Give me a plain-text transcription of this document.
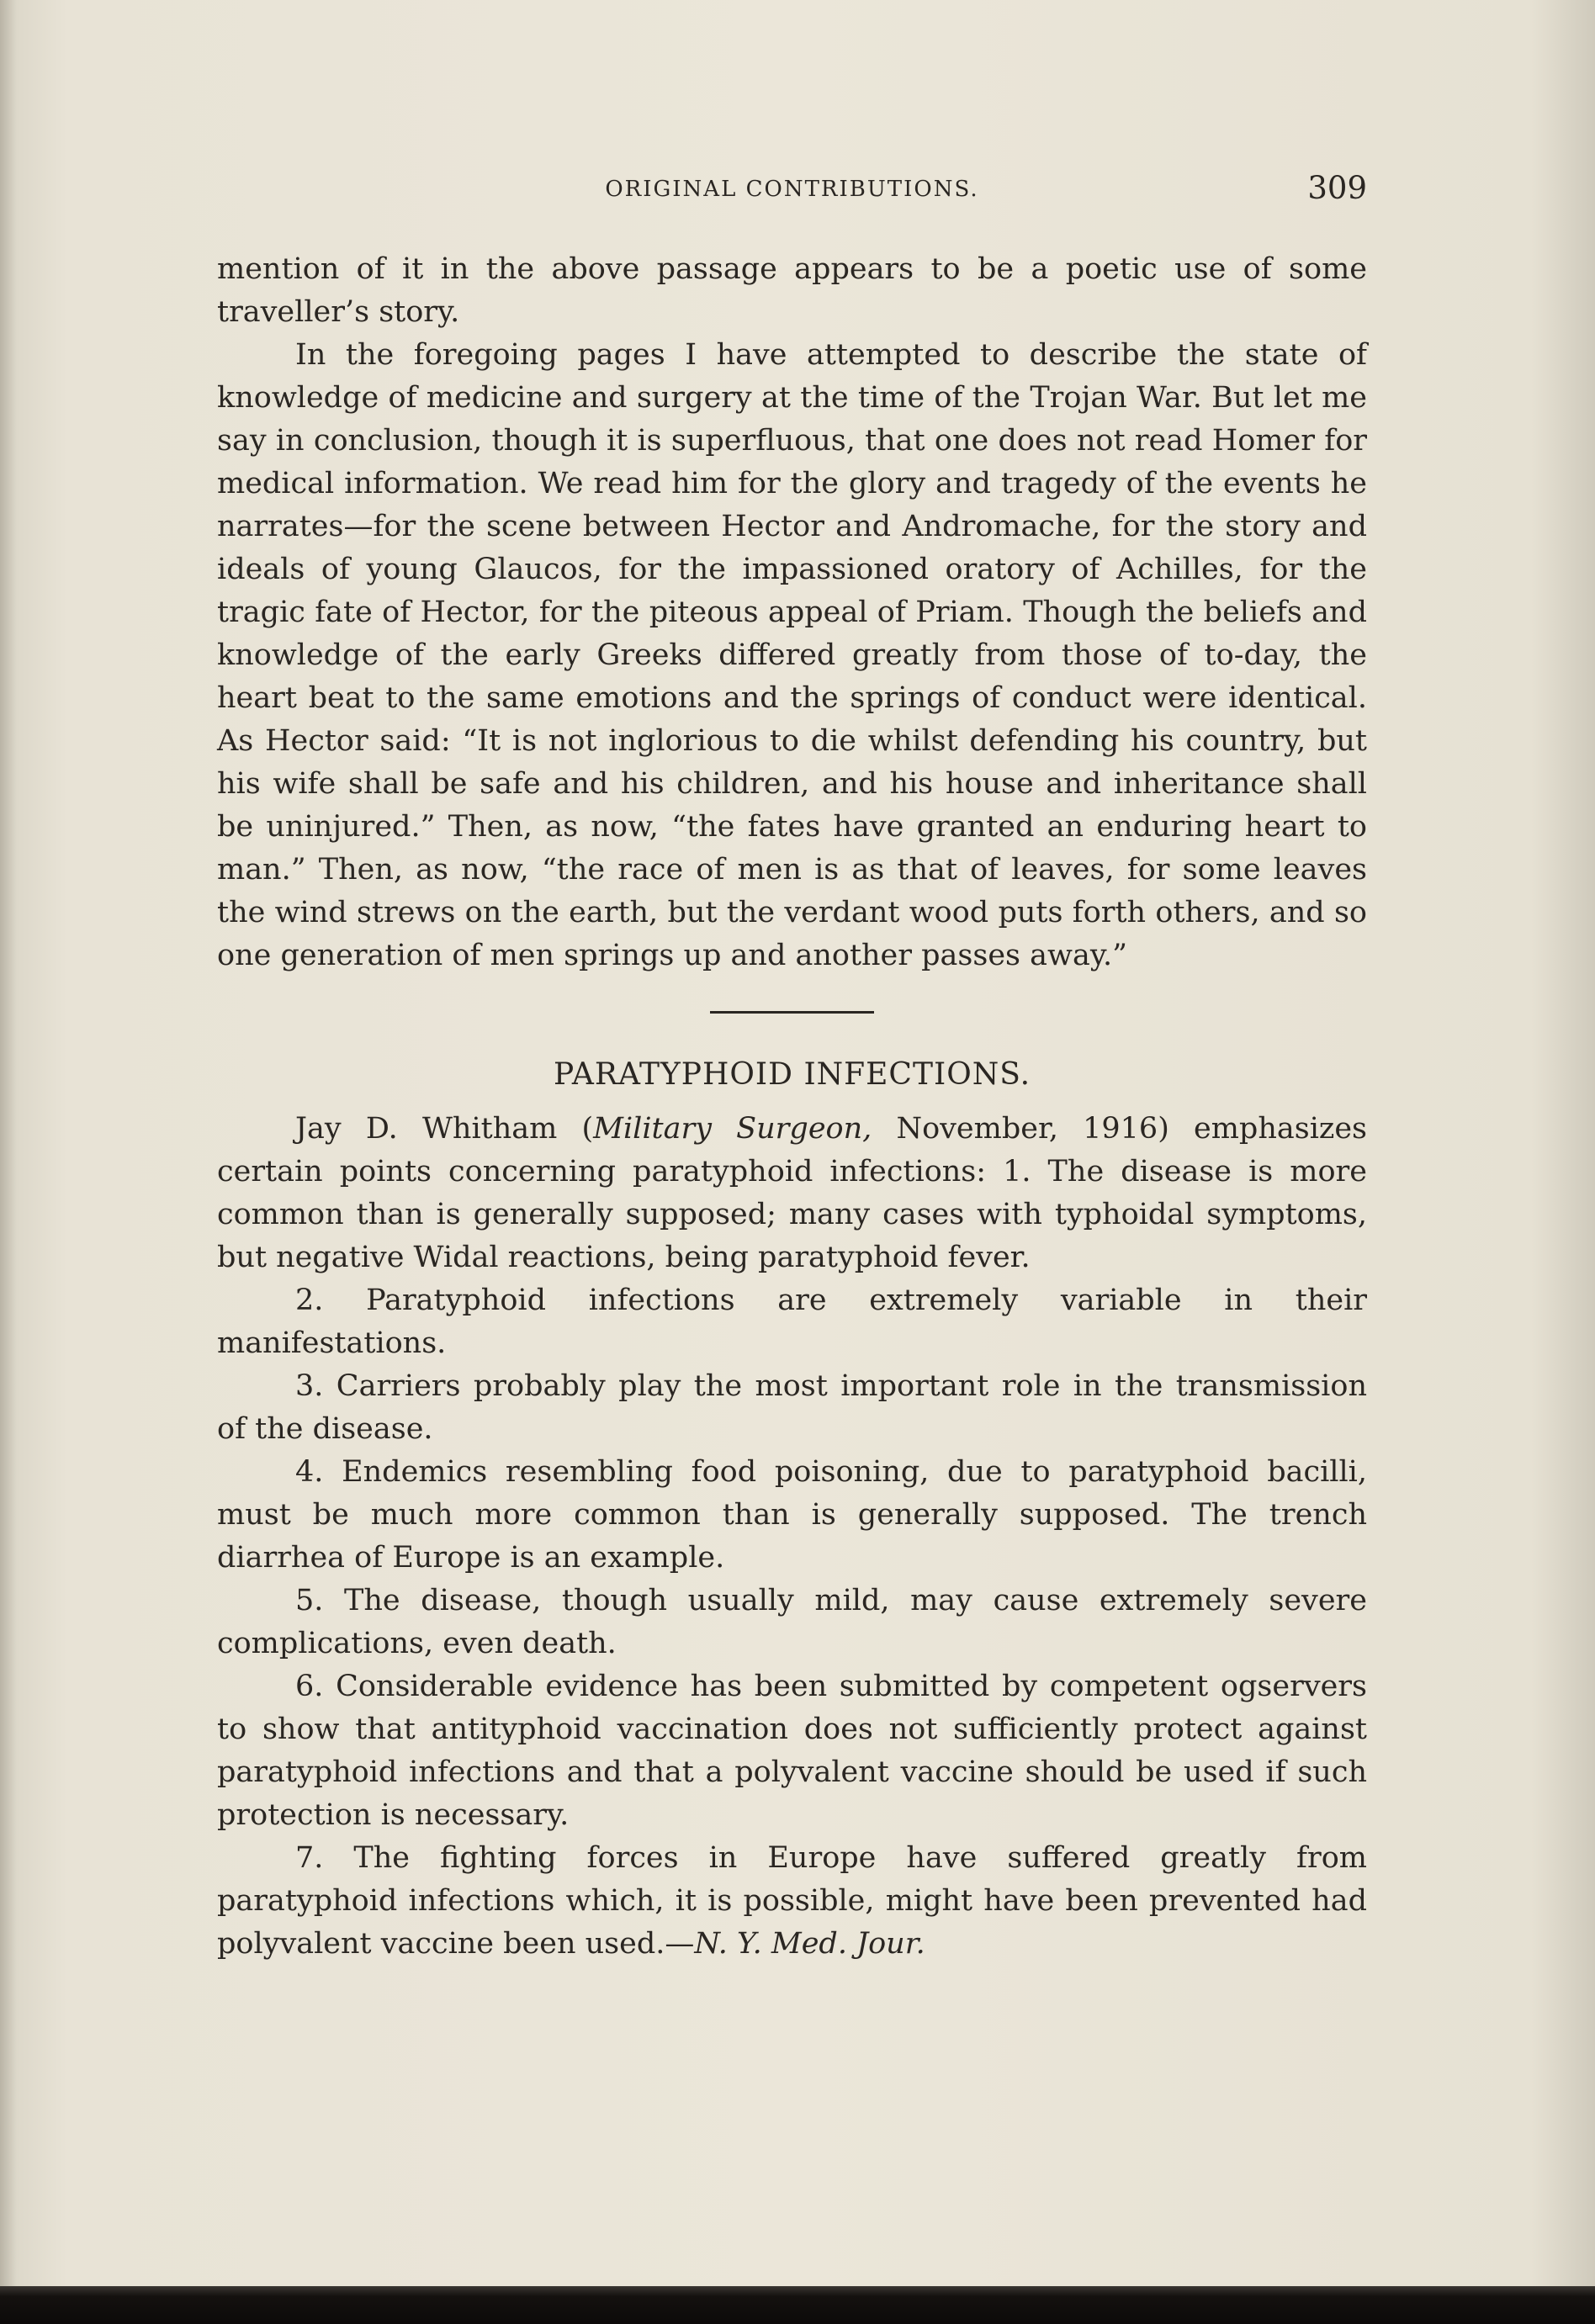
ORIGINAL CONTRIBUTIONS.	309

mention of it in the above passage appears to be a poetic use of some traveller’s story.

In the foregoing pages I have attempted to describe the state of knowledge of medicine and surgery at the time of the Trojan War. But let me say in conclusion, though it is superfluous, that one does not read Homer for medical information. We read him for the glory and tragedy of the events he narrates—for the scene between Hector and Andromache, for the story and ideals of young Glaucos, for the impassioned oratory of Achilles, for the tragic fate of Hector, for the piteous appeal of Priam. Though the beliefs and knowledge of the early Greeks differed greatly from those of to-day, the heart beat to the same emotions and the springs of conduct were identical. As Hector said: “It is not inglorious to die whilst defending his country, but his wife shall be safe and his children, and his house and inheritance shall be uninjured.” Then, as now, “the fates have granted an enduring heart to man.” Then, as now, “the race of men is as that of leaves, for some leaves the wind strews on the earth, but the verdant wood puts forth others, and so one generation of men springs up and another passes away.”

PARATYPHOID INFECTIONS.

Jay D. Whitham (Military Surgeon, November, 1916) emphasizes certain points concerning paratyphoid infections: 1. The disease is more common than is generally supposed; many cases with typhoidal symptoms, but negative Widal reactions, being paratyphoid fever.

2. Paratyphoid infections are extremely variable in their manifestations.

3. Carriers probably play the most important role in the transmission of the disease.

4. Endemics resembling food poisoning, due to paratyphoid bacilli, must be much more common than is generally supposed. The trench diarrhea of Europe is an example.

5. The disease, though usually mild, may cause extremely severe complications, even death.

6. Considerable evidence has been submitted by competent ogservers to show that antityphoid vaccination does not sufficiently protect against paratyphoid infections and that a polyvalent vaccine should be used if such protection is necessary.

7. The fighting forces in Europe have suffered greatly from paratyphoid infections which, it is possible, might have been prevented had polyvalent vaccine been used.—N. Y. Med. Jour.
